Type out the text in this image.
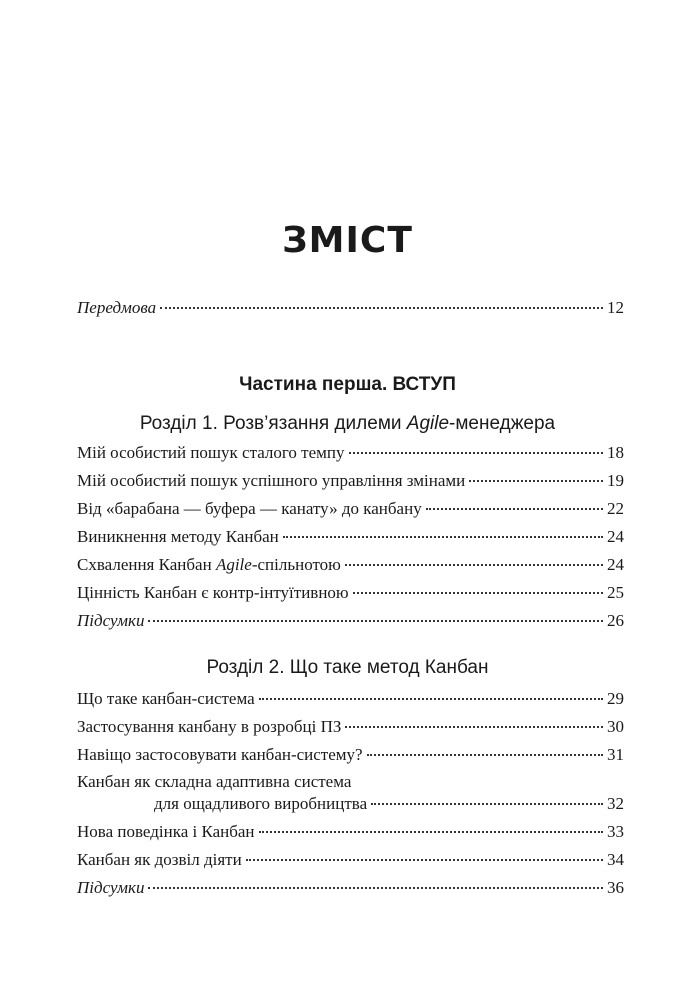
ЗМІСТ
Передмова	12
Частина перша. ВСТУП
Розділ 1. Розв’язання дилеми Agile-менеджера
Мій особистий пошук сталого темпу	18
Мій особистий пошук успішного управління змінами	19
Від «барабана — буфера — канату» до канбану	22
Виникнення методу Канбан	24
Схвалення Канбан Agile-спільнотою	24
Цінність Канбан є контр-інтуїтивною	25
Підсумки	26
Розділ 2. Що таке метод Канбан
Що таке канбан-система	29
Застосування канбану в розробці ПЗ	30
Навіщо застосовувати канбан-систему?	31
Канбан як складна адаптивна система
для ощадливого виробництва	32
Нова поведінка і Канбан	33
Канбан як дозвіл діяти	34
Підсумки	36
